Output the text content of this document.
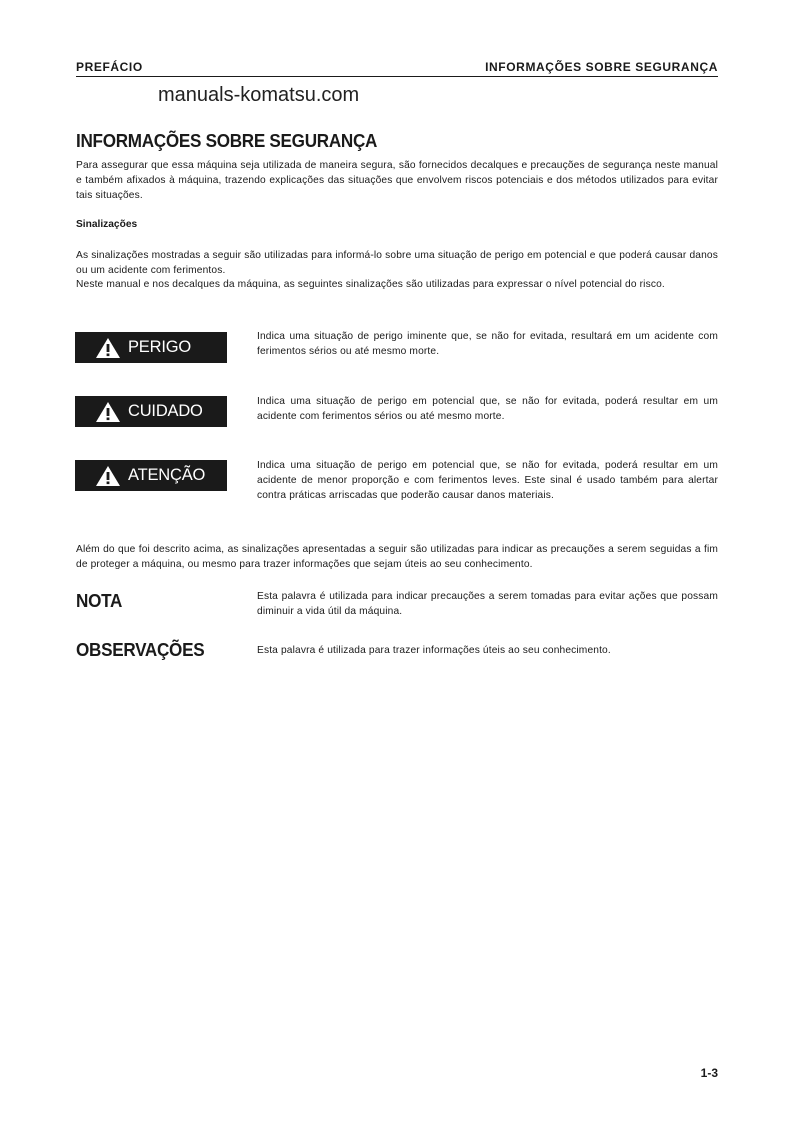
PREFÁCIO	INFORMAÇÕES SOBRE SEGURANÇA
manuals-komatsu.com
INFORMAÇÕES SOBRE SEGURANÇA

Para assegurar que essa máquina seja utilizada de maneira segura, são fornecidos decalques e precauções de segurança neste manual e também afixados à máquina, trazendo explicações das situações que envolvem riscos potenciais e dos métodos utilizados para evitar tais situações.

Sinalizações

As sinalizações mostradas a seguir são utilizadas para informá-lo sobre uma situação de perigo em potencial e que poderá causar danos ou um acidente com ferimentos.

Neste manual e nos decalques da máquina, as seguintes sinalizações são utilizadas para expressar o nível potencial do risco.

PERIGO

Indica uma situação de perigo iminente que, se não for evitada, resultará em um acidente com ferimentos sérios ou até mesmo morte.

CUIDADO

Indica uma situação de perigo em potencial que, se não for evitada, poderá resultar em um acidente com ferimentos sérios ou até mesmo morte.

ATENÇÃO

Indica uma situação de perigo em potencial que, se não for evitada, poderá resultar em um acidente de menor proporção e com ferimentos leves. Este sinal é usado também para alertar contra práticas arriscadas que poderão causar danos materiais.

Além do que foi descrito acima, as sinalizações apresentadas a seguir são utilizadas para indicar as precauções a serem seguidas a fim de proteger a máquina, ou mesmo para trazer informações que sejam úteis ao seu conhecimento.

NOTA	Esta palavra é utilizada para indicar precauções a serem tomadas para evitar ações que possam diminuir a vida útil da máquina.

OBSERVAÇÕES	Esta palavra é utilizada para trazer informações úteis ao seu conhecimento.

1-3
